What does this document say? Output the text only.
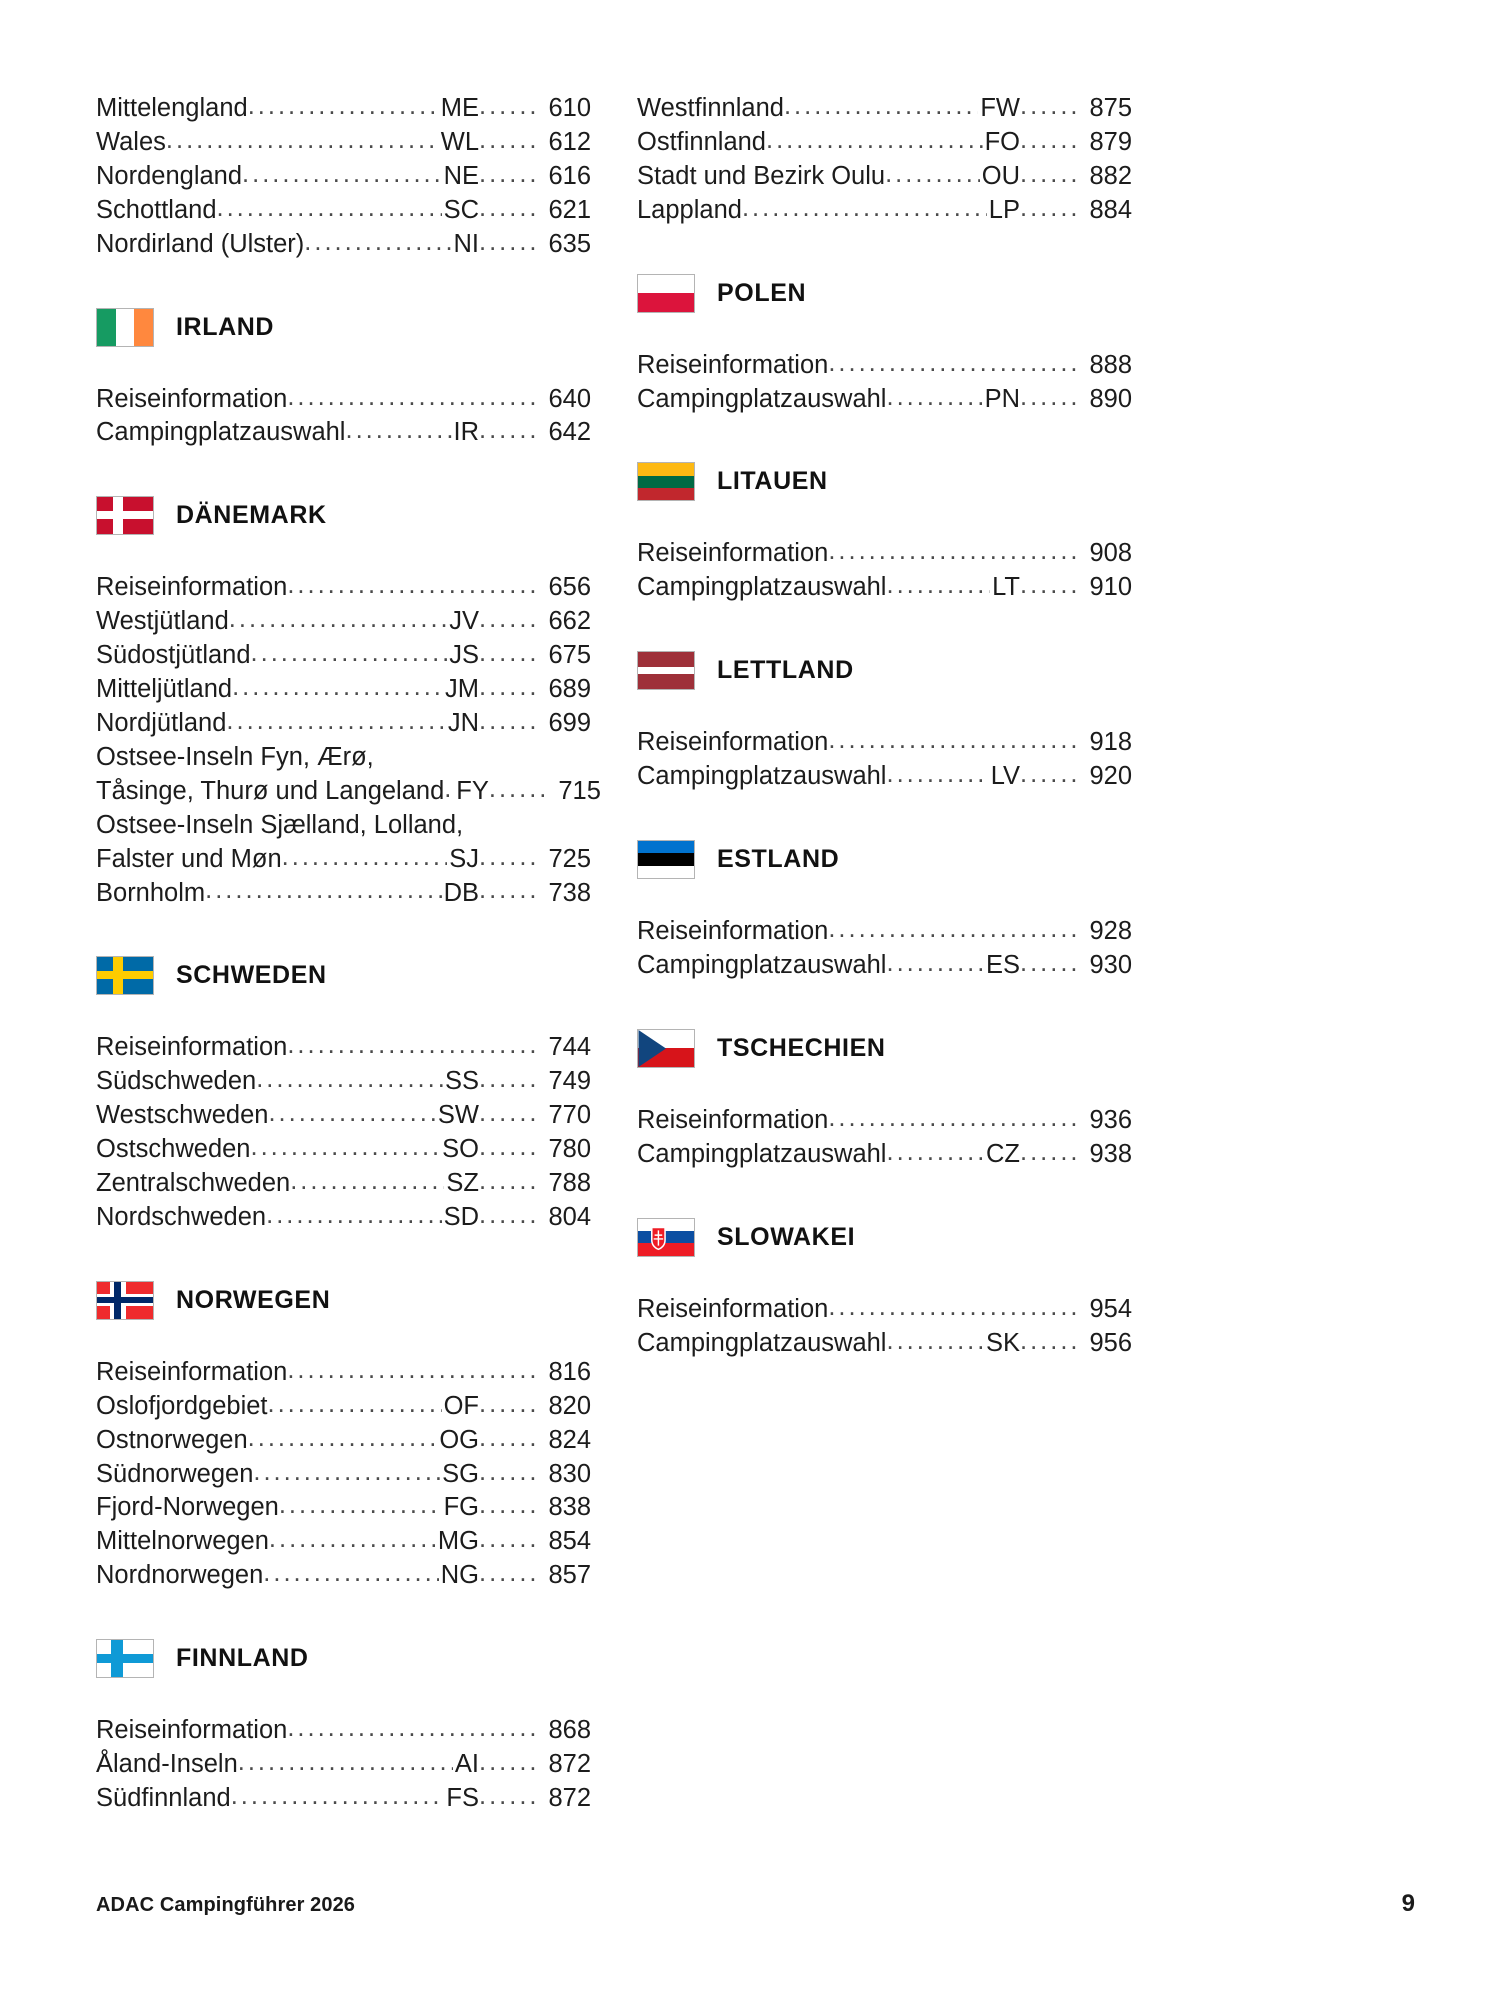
Mittelengland .....	ME .....	610
Wales .....	WL .....	612
Nordengland .....	NE .....	616
Schottland .....	SC .....	621
Nordirland (Ulster) .....	NI .....	635
IRLAND
Reiseinformation ..... .....	640
Campingplatzauswahl .....	IR .....	642
DÄNEMARK
Reiseinformation ..... .....	656
Westjütland .....	JV .....	662
Südostjütland .....	JS .....	675
Mitteljütland .....	JM .....	689
Nordjütland .....	JN .....	699
Ostsee-Inseln Fyn, Ærø,
Tåsinge, Thurø und Langeland ..... FY .....	715
Ostsee-Inseln Sjælland, Lolland,
Falster und Møn .....	SJ .....	725
Bornholm .....	DB .....	738
SCHWEDEN
Reiseinformation ..... .....	744
Südschweden .....	SS .....	749
Westschweden .....	SW .....	770
Ostschweden .....	SO .....	780
Zentralschweden .....	SZ .....	788
Nordschweden .....	SD .....	804
NORWEGEN
Reiseinformation ..... .....	816
Oslofjordgebiet .....	OF .....	820
Ostnorwegen .....	OG .....	824
Südnorwegen .....	SG .....	830
Fjord-Norwegen .....	FG .....	838
Mittelnorwegen .....	MG .....	854
Nordnorwegen .....	NG .....	857
FINNLAND
Reiseinformation ..... .....	868
Åland-Inseln .....	AI .....	872
Südfinnland .....	FS .....	872
Westfinnland .....	FW .....	875
Ostfinnland .....	FO .....	879
Stadt und Bezirk Oulu .....	OU .....	882
Lappland .....	LP .....	884
POLEN
Reiseinformation ..... .....	888
Campingplatzauswahl .....	PN .....	890
LITAUEN
Reiseinformation ..... .....	908
Campingplatzauswahl .....	LT .....	910
LETTLAND
Reiseinformation ..... .....	918
Campingplatzauswahl .....	LV .....	920
ESTLAND
Reiseinformation ..... .....	928
Campingplatzauswahl .....	ES .....	930
TSCHECHIEN
Reiseinformation ..... .....	936
Campingplatzauswahl .....	CZ .....	938
SLOWAKEI
Reiseinformation ..... .....	954
Campingplatzauswahl .....	SK .....	956
ADAC Campingführer 2026	9
